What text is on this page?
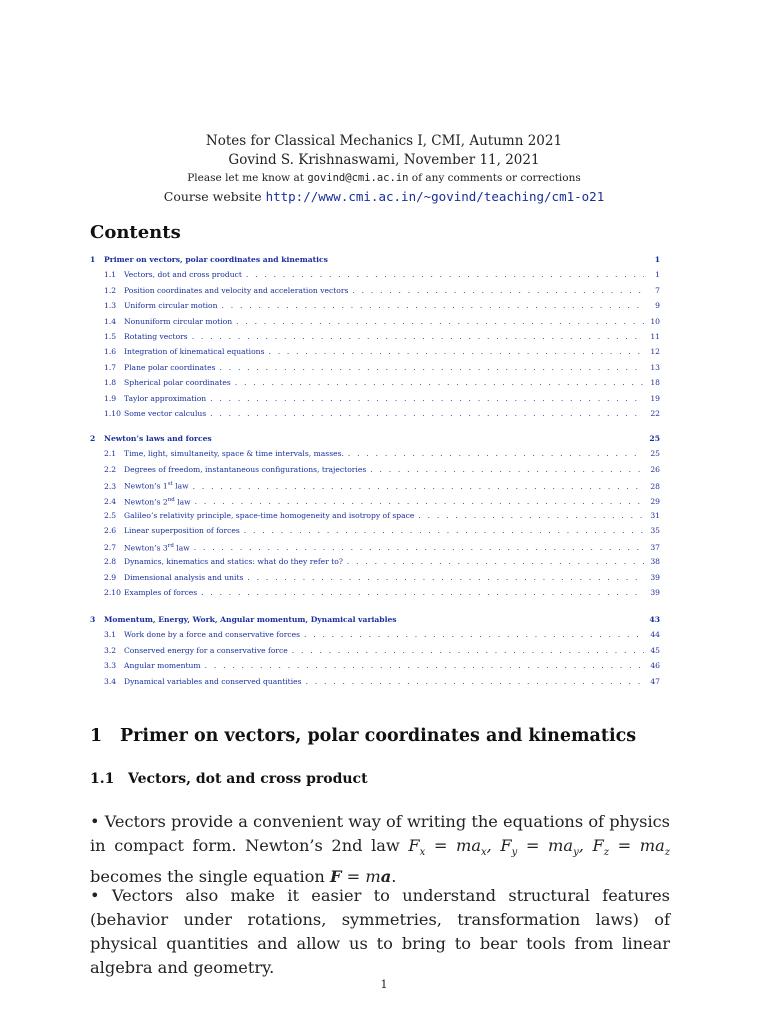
Notes for Classical Mechanics I, CMI, Autumn 2021
Govind S. Krishnaswami, November 11, 2021
Please let me know at govind@cmi.ac.in of any comments or corrections
Course website http://www.cmi.ac.in/~govind/teaching/cm1-o21
Contents
1	Primer on vectors, polar coordinates and kinematics	1
1.1	Vectors, dot and cross product . . .	1
1.2	Position coordinates and velocity and acceleration vectors . . .	7
1.3	Uniform circular motion . . .	9
1.4	Nonuniform circular motion . . .	10
1.5	Rotating vectors . . .	11
1.6	Integration of kinematical equations . . .	12
1.7	Plane polar coordinates . . .	13
1.8	Spherical polar coordinates . . .	18
1.9	Taylor approximation . . .	19
1.10 Some vector calculus . . .	22
2	Newton’s laws and forces	25
2.1	Time, light, simultaneity, space & time intervals, masses. . . .	25
2.2	Degrees of freedom, instantaneous configurations, trajectories . . .	26
2.3	Newton’s 1st law . . .	28
2.4	Newton’s 2nd law . . .	29
2.5	Galileo’s relativity principle, space-time homogeneity and isotropy of space . . .	31
2.6	Linear superposition of forces . . .	35
2.7	Newton’s 3rd law . . .	37
2.8	Dynamics, kinematics and statics: what do they refer to? . . .	38
2.9	Dimensional analysis and units . . .	39
2.10 Examples of forces . . .	39
3	Momentum, Energy, Work, Angular momentum, Dynamical variables	43
3.1	Work done by a force and conservative forces . . .	44
3.2	Conserved energy for a conservative force . . .	45
3.3	Angular momentum . . .	46
3.4	Dynamical variables and conserved quantities . . .	47
1 Primer on vectors, polar coordinates and kinematics
1.1 Vectors, dot and cross product
• Vectors provide a convenient way of writing the equations of physics in compact form. Newton’s 2nd law $F_x = ma_x$, $F_y = ma_y$, $F_z = ma_z$ becomes the single equation F = ma.
• Vectors also make it easier to understand structural features (behavior under rotations, symmetries, transformation laws) of physical quantities and allow us to bring to bear tools from linear algebra and geometry.
1
